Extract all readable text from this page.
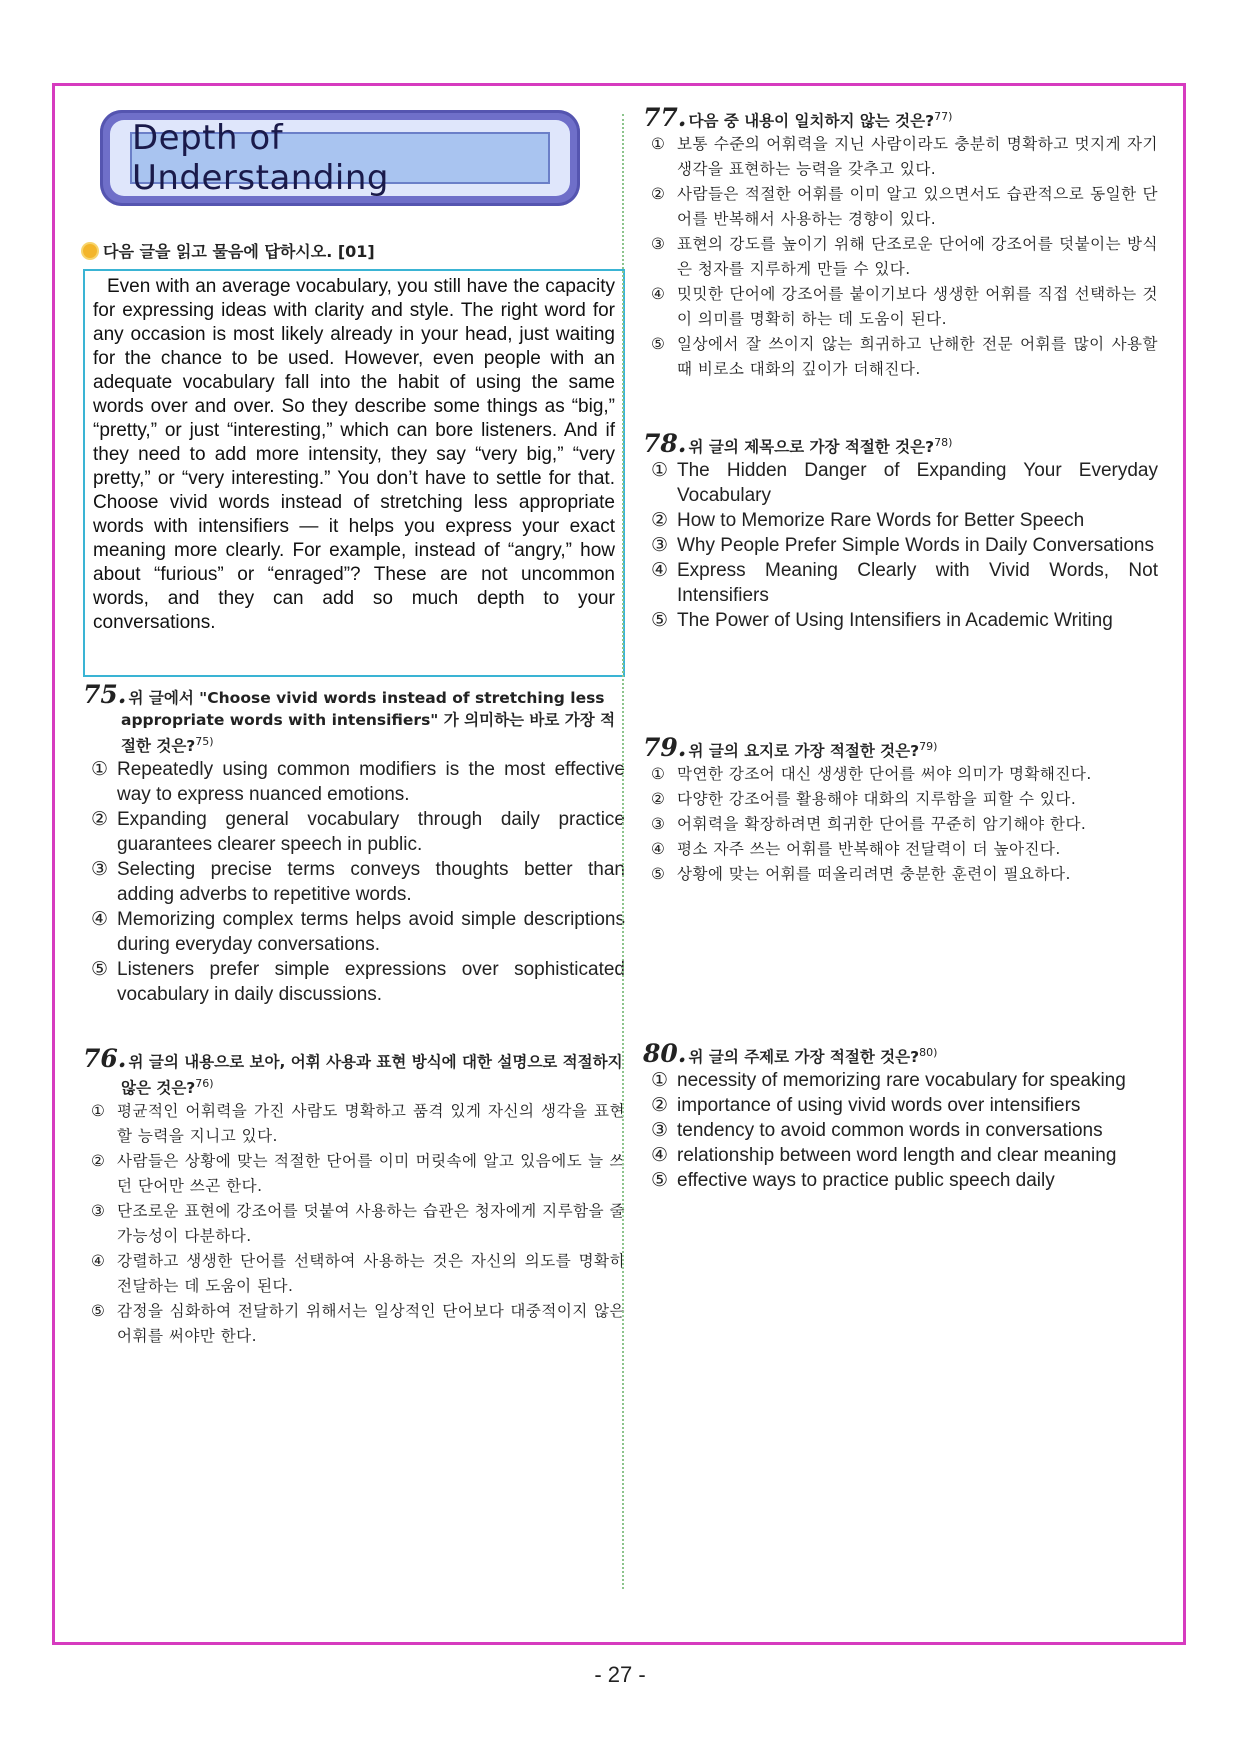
Depth of Understanding
다음 글을 읽고 물음에 답하시오. [01]
Even with an average vocabulary, you still have the capacity for expressing ideas with clarity and style. The right word for any occasion is most likely already in your head, just waiting for the chance to be used. However, even people with an adequate vocabulary fall into the habit of using the same words over and over. So they describe some things as “big,” “pretty,” or just “interesting,” which can bore listeners. And if they need to add more intensity, they say “very big,” “very pretty,” or “very interesting.” You don’t have to settle for that. Choose vivid words instead of stretching less appropriate words with intensifiers — it helps you express your exact meaning more clearly. For example, instead of “angry,” how about “furious” or “enraged”? These are not uncommon words, and they can add so much depth to your conversations.
75. 위 글에서 "Choose vivid words instead of stretching less appropriate words with intensifiers" 가 의미하는 바로 가장 적절한 것은?$^{75)}$
① Repeatedly using common modifiers is the most effective way to express nuanced emotions.
② Expanding general vocabulary through daily practice guarantees clearer speech in public.
③ Selecting precise terms conveys thoughts better than adding adverbs to repetitive words.
④ Memorizing complex terms helps avoid simple descriptions during everyday conversations.
⑤ Listeners prefer simple expressions over sophisticated vocabulary in daily discussions.
76. 위 글의 내용으로 보아, 어휘 사용과 표현 방식에 대한 설명으로 적절하지 않은 것은?$^{76)}$
① 평균적인 어휘력을 가진 사람도 명확하고 품격 있게 자신의 생각을 표현할 능력을 지니고 있다.
② 사람들은 상황에 맞는 적절한 단어를 이미 머릿속에 알고 있음에도 늘 쓰던 단어만 쓰곤 한다.
③ 단조로운 표현에 강조어를 덧붙여 사용하는 습관은 청자에게 지루함을 줄 가능성이 다분하다.
④ 강렬하고 생생한 단어를 선택하여 사용하는 것은 자신의 의도를 명확히 전달하는 데 도움이 된다.
⑤ 감정을 심화하여 전달하기 위해서는 일상적인 단어보다 대중적이지 않은 어휘를 써야만 한다.
77. 다음 중 내용이 일치하지 않는 것은?$^{77)}$
① 보통 수준의 어휘력을 지닌 사람이라도 충분히 명확하고 멋지게 자기 생각을 표현하는 능력을 갖추고 있다.
② 사람들은 적절한 어휘를 이미 알고 있으면서도 습관적으로 동일한 단어를 반복해서 사용하는 경향이 있다.
③ 표현의 강도를 높이기 위해 단조로운 단어에 강조어를 덧붙이는 방식은 청자를 지루하게 만들 수 있다.
④ 밋밋한 단어에 강조어를 붙이기보다 생생한 어휘를 직접 선택하는 것이 의미를 명확히 하는 데 도움이 된다.
⑤ 일상에서 잘 쓰이지 않는 희귀하고 난해한 전문 어휘를 많이 사용할 때 비로소 대화의 깊이가 더해진다.
78. 위 글의 제목으로 가장 적절한 것은?$^{78)}$
① The Hidden Danger of Expanding Your Everyday Vocabulary
② How to Memorize Rare Words for Better Speech
③ Why People Prefer Simple Words in Daily Conversations
④ Express Meaning Clearly with Vivid Words, Not Intensifiers
⑤ The Power of Using Intensifiers in Academic Writing
79. 위 글의 요지로 가장 적절한 것은?$^{79)}$
① 막연한 강조어 대신 생생한 단어를 써야 의미가 명확해진다.
② 다양한 강조어를 활용해야 대화의 지루함을 피할 수 있다.
③ 어휘력을 확장하려면 희귀한 단어를 꾸준히 암기해야 한다.
④ 평소 자주 쓰는 어휘를 반복해야 전달력이 더 높아진다.
⑤ 상황에 맞는 어휘를 떠올리려면 충분한 훈련이 필요하다.
80. 위 글의 주제로 가장 적절한 것은?$^{80)}$
① necessity of memorizing rare vocabulary for speaking
② importance of using vivid words over intensifiers
③ tendency to avoid common words in conversations
④ relationship between word length and clear meaning
⑤ effective ways to practice public speech daily
- 27 -
